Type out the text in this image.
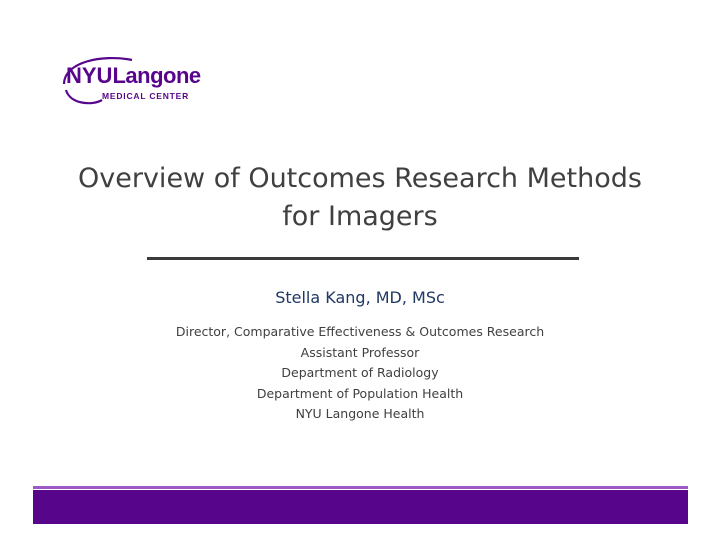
NYULangone
MEDICAL CENTER
Overview of Outcomes Research Methods
for Imagers
Stella Kang, MD, MSc
Director, Comparative Effectiveness & Outcomes Research
Assistant Professor
Department of Radiology
Department of Population Health
NYU Langone Health
